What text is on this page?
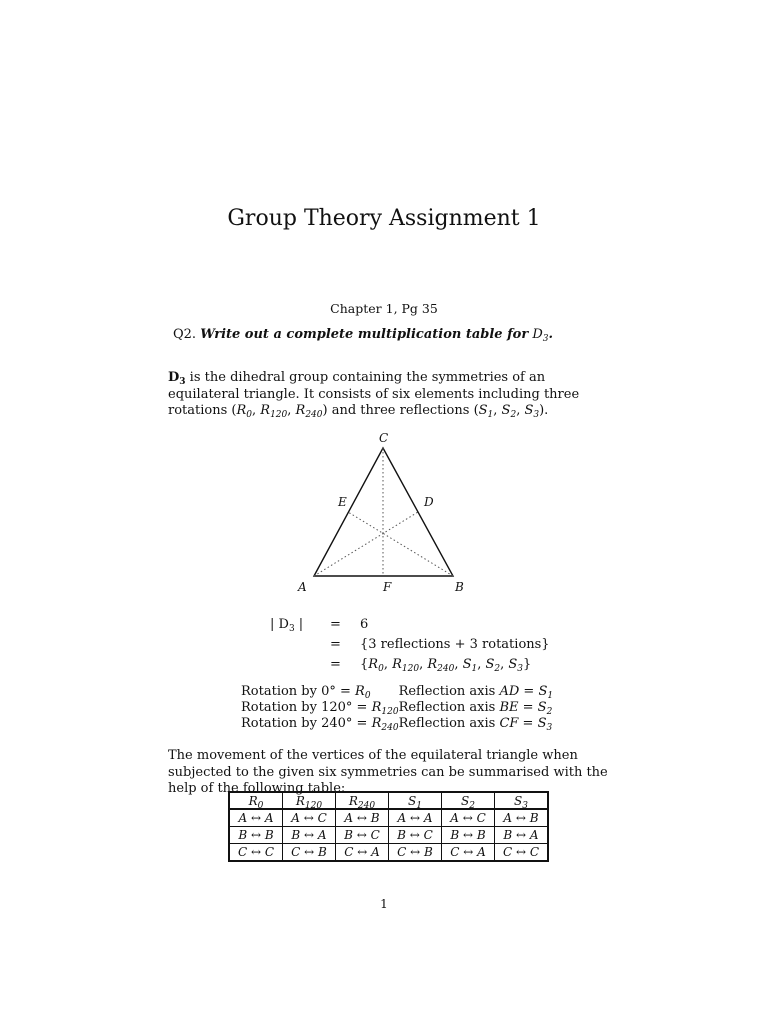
Group Theory Assignment 1
Chapter 1, Pg 35
Q2. Write out a complete multiplication table for $D_3$.
$D_3$ is the dihedral group containing the symmetries of an equilateral triangle. It consists of six elements including three rotations ($R_0$, $R_{120}$, $R_{240}$) and three reflections ($S_1$, $S_2$, $S_3$).
C
E	D
A	F	B
| $D_3$ |	=	6
	=	{3 reflections + 3 rotations}
	=	{$R_0$, $R_{120}$, $R_{240}$, $S_1$, $S_2$, $S_3$}
Rotation by $0^\circ = R_0$	Reflection axis AD = $S_1$
Rotation by $120^\circ = R_{120}$	Reflection axis BE = $S_2$
Rotation by $240^\circ = R_{240}$	Reflection axis CF = $S_3$
The movement of the vertices of the equilateral triangle when subjected to the given six symmetries can be summarised with the help of the following table:
$R_0$	$R_{120}$	$R_{240}$	$S_1$	$S_2$	$S_3$
A ↔ A	A ↔ C	A ↔ B	A ↔ A	A ↔ C	A ↔ B
B ↔ B	B ↔ A	B ↔ C	B ↔ C	B ↔ B	B ↔ A
C ↔ C	C ↔ B	C ↔ A	C ↔ B	C ↔ A	C ↔ C
1
